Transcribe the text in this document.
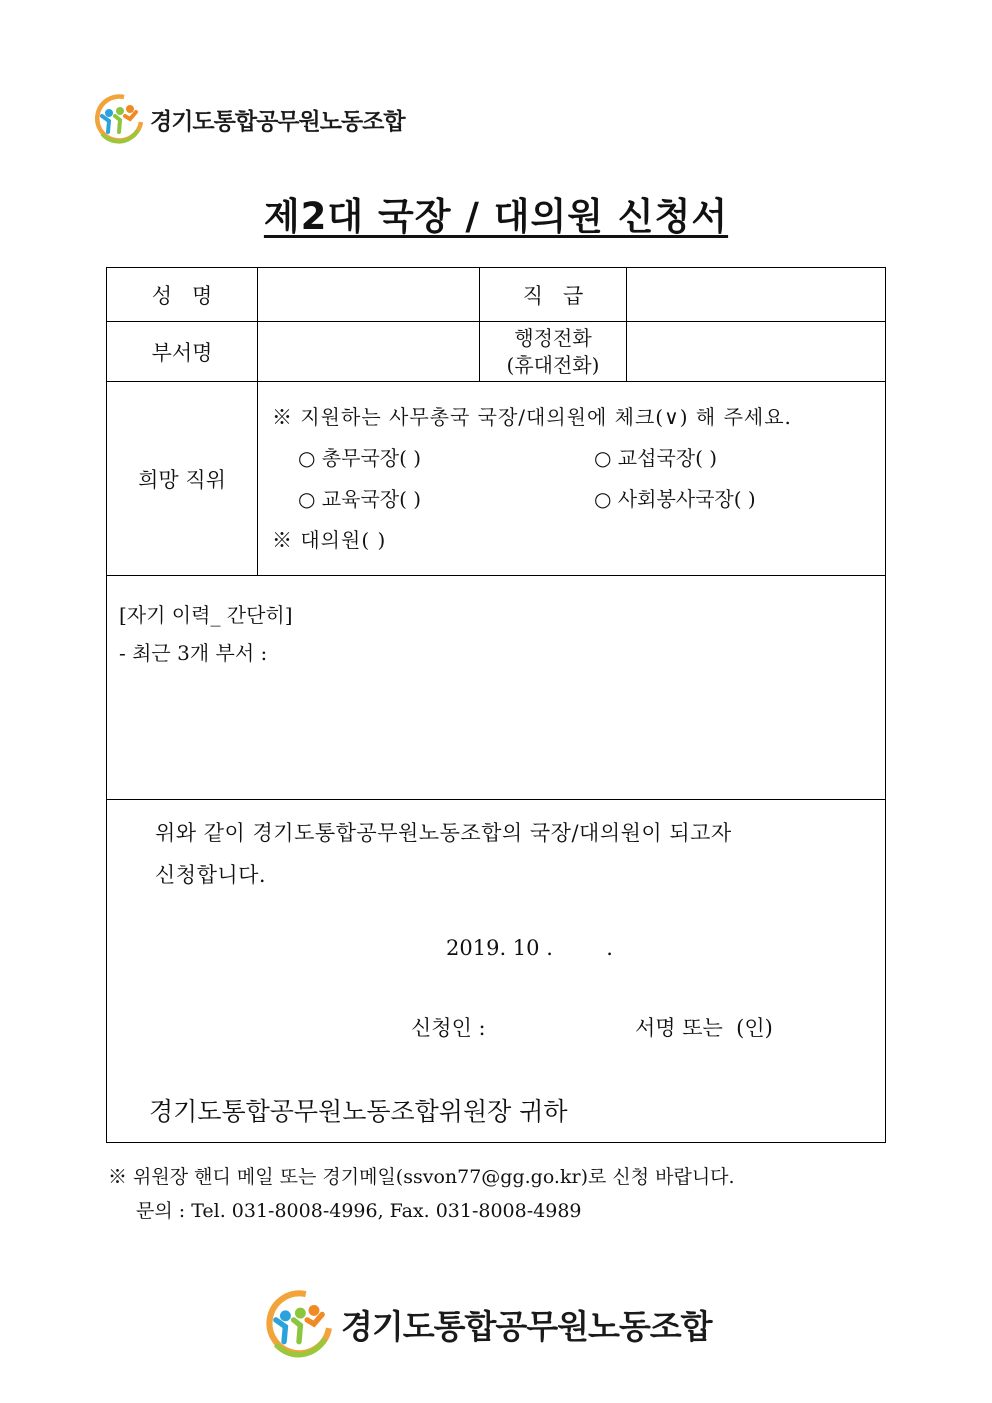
경기도통합공무원노동조합
제2대 국장 / 대의원 신청서
성   명		직   급	
부서명		행정전화
(휴대전화)	

희망 직위	
※ 지원하는 사무총국 국장/대의원에 체크(∨) 해 주세요.
○ 총무국장( )	○ 교섭국장( )
○ 교육국장( )	○ 사회봉사국장( )
※ 대의원( )

[자기 이력_ 간단히]
- 최근 3개 부서 :			

위와 같이 경기도통합공무원노동조합의 국장/대의원이 되고자
신청합니다.
2019. 10 .        .
신청인 :	서명 또는  (인)
경기도통합공무원노동조합위원장 귀하
※ 위원장 핸디 메일 또는 경기메일(ssvon77@gg.go.kr)로 신청 바랍니다.
문의 : Tel. 031-8008-4996, Fax. 031-8008-4989
경기도통합공무원노동조합
